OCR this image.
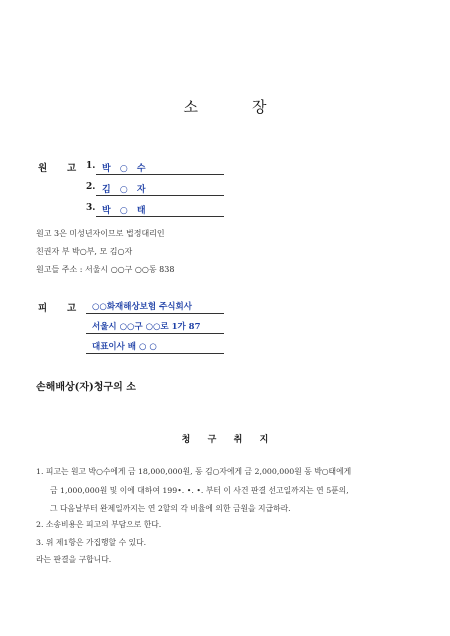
소	장
원 고 1. 박 ○ 수
2. 김 ○ 자
3. 박 ○ 태
원고 3은 미성년자이므로 법정대리인
친권자 부 박○부, 모 김○자
원고들 주소 : 서울시 ○○구 ○○동 838
피 고 ○○화재해상보험 주식회사
서울시 ○○구 ○○로 1가 87
대표이사 배 ○ ○
손해배상(자)청구의 소
청 구 취 지
1. 피고는 원고 박○수에게 금 18,000,000원, 동 김○자에게 금 2,000,000원 동 박○태에게
금 1,000,000원 및 이에 대하여 199•. •. •. 부터 이 사건 판결 선고일까지는 연 5푼의,
그 다음날부터 완제일까지는 연 2할의 각 비율에 의한 금원을 지급하라.
2. 소송비용은 피고의 부담으로 한다.
3. 위 제1항은 가집행할 수 있다.
라는 판결을 구합니다.
